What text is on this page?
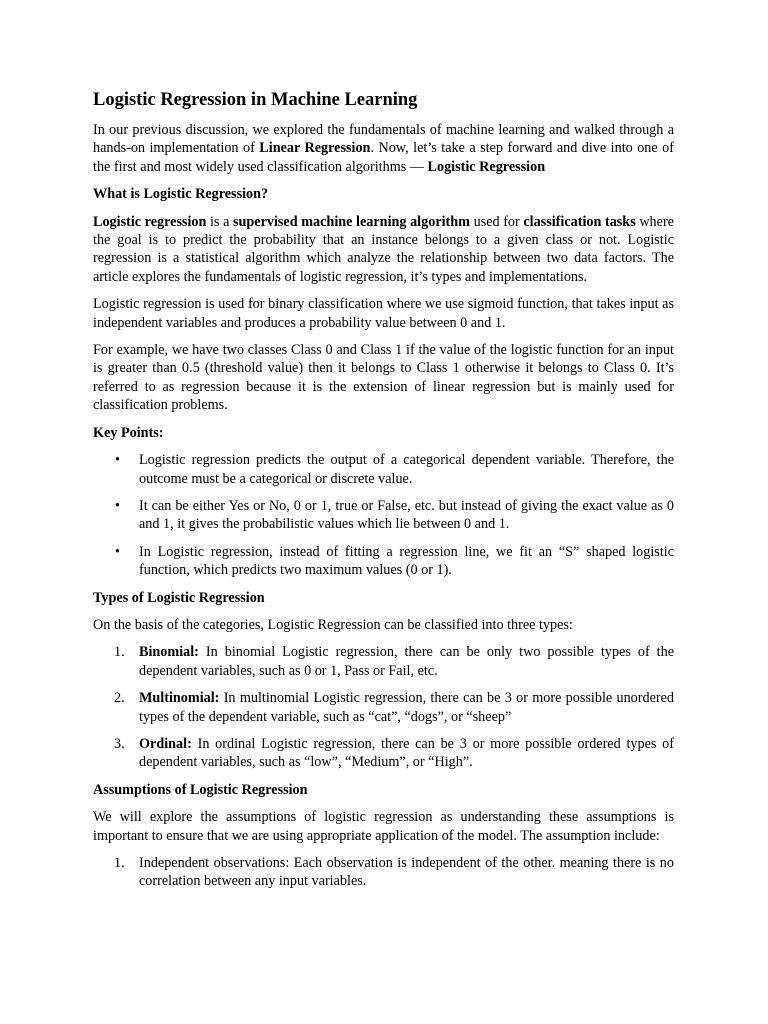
Logistic Regression in Machine Learning

In our previous discussion, we explored the fundamentals of machine learning and walked through a hands-on implementation of Linear Regression. Now, let’s take a step forward and dive into one of the first and most widely used classification algorithms — Logistic Regression

What is Logistic Regression?

Logistic regression is a supervised machine learning algorithm used for classification tasks where the goal is to predict the probability that an instance belongs to a given class or not. Logistic regression is a statistical algorithm which analyze the relationship between two data factors. The article explores the fundamentals of logistic regression, it’s types and implementations.

Logistic regression is used for binary classification where we use sigmoid function, that takes input as independent variables and produces a probability value between 0 and 1.

For example, we have two classes Class 0 and Class 1 if the value of the logistic function for an input is greater than 0.5 (threshold value) then it belongs to Class 1 otherwise it belongs to Class 0. It’s referred to as regression because it is the extension of linear regression but is mainly used for classification problems.

Key Points:
• Logistic regression predicts the output of a categorical dependent variable. Therefore, the outcome must be a categorical or discrete value.
• It can be either Yes or No, 0 or 1, true or False, etc. but instead of giving the exact value as 0 and 1, it gives the probabilistic values which lie between 0 and 1.
• In Logistic regression, instead of fitting a regression line, we fit an “S” shaped logistic function, which predicts two maximum values (0 or 1).
Types of Logistic Regression

On the basis of the categories, Logistic Regression can be classified into three types:

1. Binomial: In binomial Logistic regression, there can be only two possible types of the dependent variables, such as 0 or 1, Pass or Fail, etc.
2. Multinomial: In multinomial Logistic regression, there can be 3 or more possible unordered types of the dependent variable, such as “cat”, “dogs”, or “sheep”
3. Ordinal: In ordinal Logistic regression, there can be 3 or more possible ordered types of dependent variables, such as “low”, “Medium”, or “High”.
Assumptions of Logistic Regression

We will explore the assumptions of logistic regression as understanding these assumptions is important to ensure that we are using appropriate application of the model. The assumption include:

1. Independent observations: Each observation is independent of the other. meaning there is no correlation between any input variables.
